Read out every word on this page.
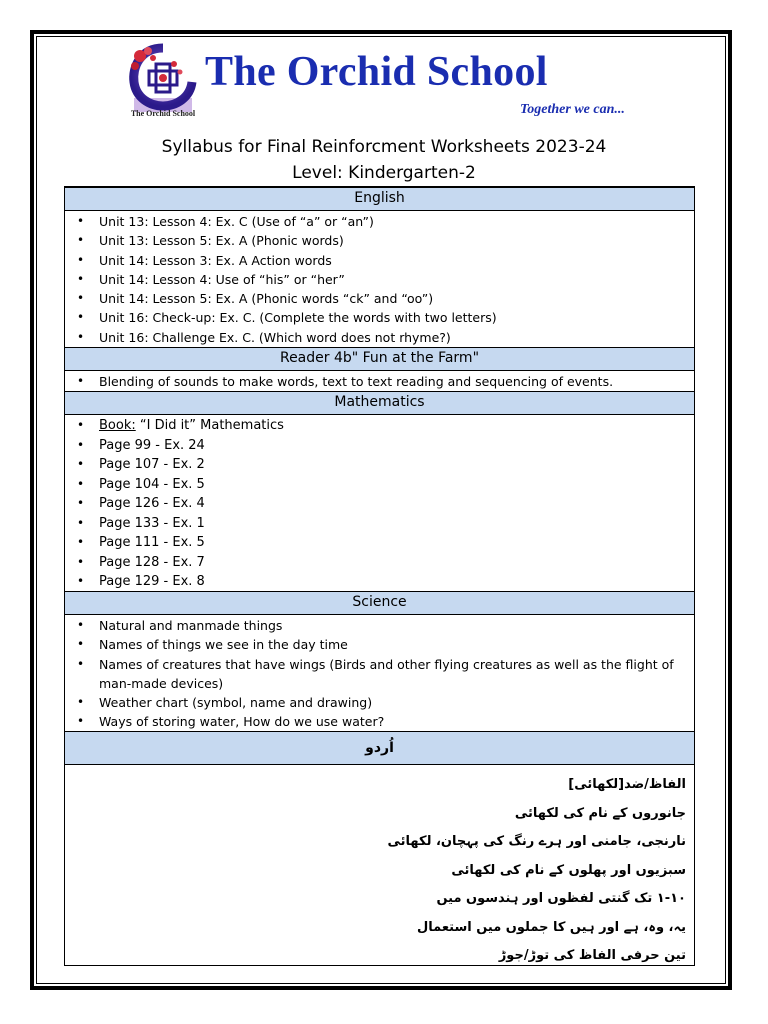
The Orchid School
The Orchid School
Together we can...
Syllabus for Final Reinforcment Worksheets 2023-24
Level: Kindergarten-2
English
• Unit 13: Lesson 4: Ex. C (Use of “a” or “an”)
• Unit 13: Lesson 5: Ex. A (Phonic words)
• Unit 14: Lesson 3: Ex. A Action words
• Unit 14: Lesson 4: Use of “his” or “her”
• Unit 14: Lesson 5: Ex. A (Phonic words “ck” and “oo”)
• Unit 16: Check-up: Ex. C. (Complete the words with two letters)
• Unit 16: Challenge Ex. C. (Which word does not rhyme?)
Reader 4b" Fun at the Farm"
• Blending of sounds to make words, text to text reading and sequencing of events.
Mathematics
• Book: “I Did it” Mathematics
• Page 99 - Ex. 24
• Page 107 - Ex. 2
• Page 104 - Ex. 5
• Page 126 - Ex. 4
• Page 133 - Ex. 1
• Page 111 - Ex. 5
• Page 128 - Ex. 7
• Page 129 - Ex. 8
Science
• Natural and manmade things
• Names of things we see in the day time
• Names of creatures that have wings (Birds and other flying creatures as well as the flight of man-made devices)
• Weather chart (symbol, name and drawing)
• Ways of storing water, How do we use water?
اُردو
الفاظ/ضد[لکھائی]
جانوروں کے نام کی لکھائی
نارنجی، جامنی اور ہرے رنگ کی پہچان، لکھائی
سبزیوں اور پھلوں کے نام کی لکھائی
۱-۱۰ تک گنتی لفظوں اور ہندسوں میں
یہ، وہ، ہے اور ہیں کا جملوں میں استعمال
تین حرفی الفاظ کی توڑ/جوڑ
